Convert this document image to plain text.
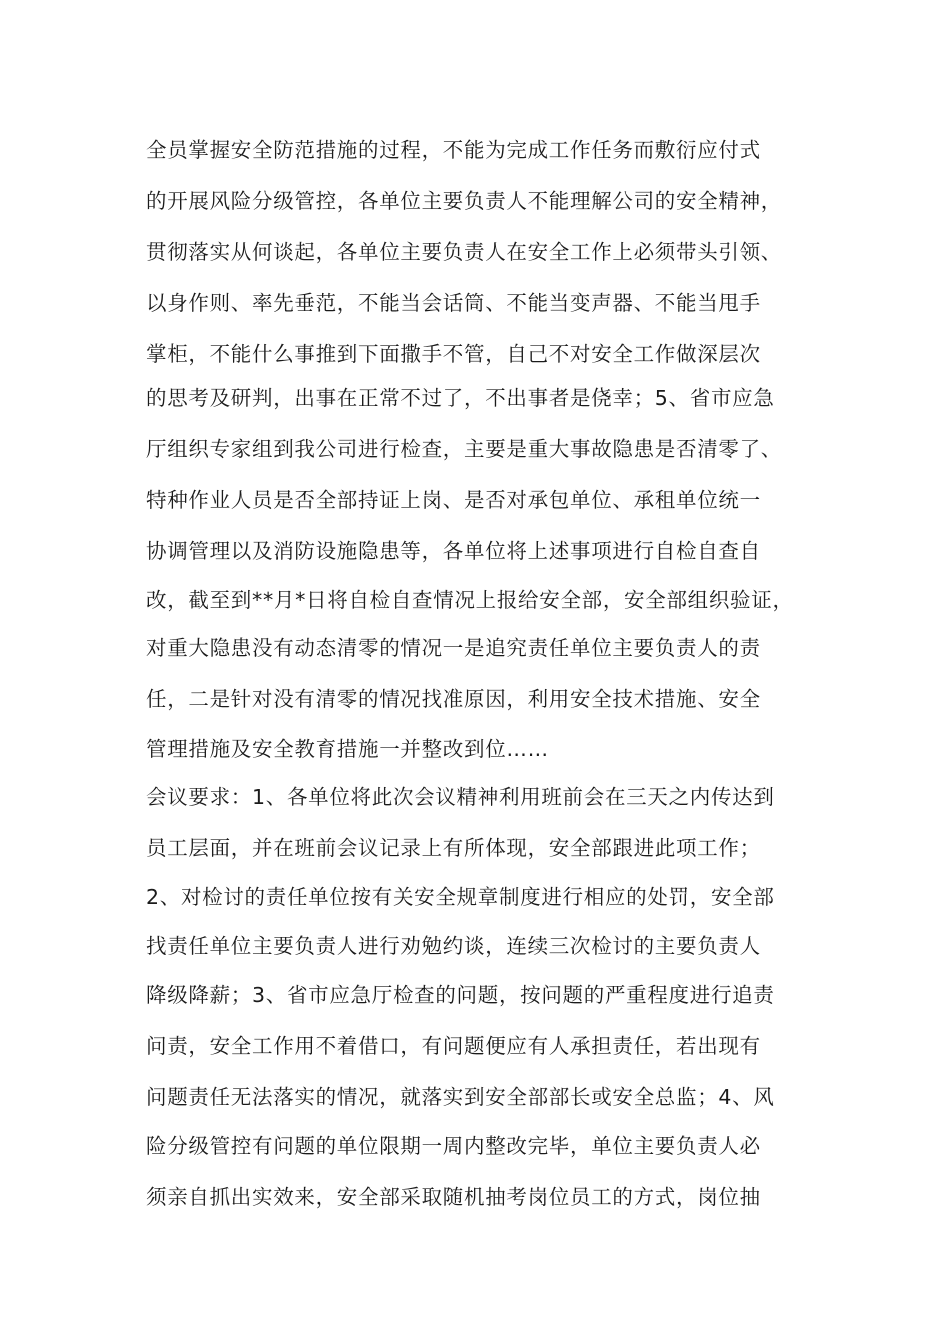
全员掌握安全防范措施的过程，不能为完成工作任务而敷衍应付式
的开展风险分级管控，各单位主要负责人不能理解公司的安全精神，
贯彻落实从何谈起，各单位主要负责人在安全工作上必须带头引领、
以身作则、率先垂范，不能当会话筒、不能当变声器、不能当甩手
掌柜，不能什么事推到下面撒手不管，自己不对安全工作做深层次
的思考及研判，出事在正常不过了，不出事者是侥幸；5、省市应急
厅组织专家组到我公司进行检查，主要是重大事故隐患是否清零了、
特种作业人员是否全部持证上岗、是否对承包单位、承租单位统一
协调管理以及消防设施隐患等，各单位将上述事项进行自检自查自
改，截至到**月*日将自检自查情况上报给安全部，安全部组织验证，
对重大隐患没有动态清零的情况一是追究责任单位主要负责人的责
任，二是针对没有清零的情况找准原因，利用安全技术措施、安全
管理措施及安全教育措施一并整改到位……
会议要求：1、各单位将此次会议精神利用班前会在三天之内传达到
员工层面，并在班前会议记录上有所体现，安全部跟进此项工作；
2、对检讨的责任单位按有关安全规章制度进行相应的处罚，安全部
找责任单位主要负责人进行劝勉约谈，连续三次检讨的主要负责人
降级降薪；3、省市应急厅检查的问题，按问题的严重程度进行追责
问责，安全工作用不着借口，有问题便应有人承担责任，若出现有
问题责任无法落实的情况，就落实到安全部部长或安全总监；4、风
险分级管控有问题的单位限期一周内整改完毕，单位主要负责人必
须亲自抓出实效来，安全部采取随机抽考岗位员工的方式，岗位抽
